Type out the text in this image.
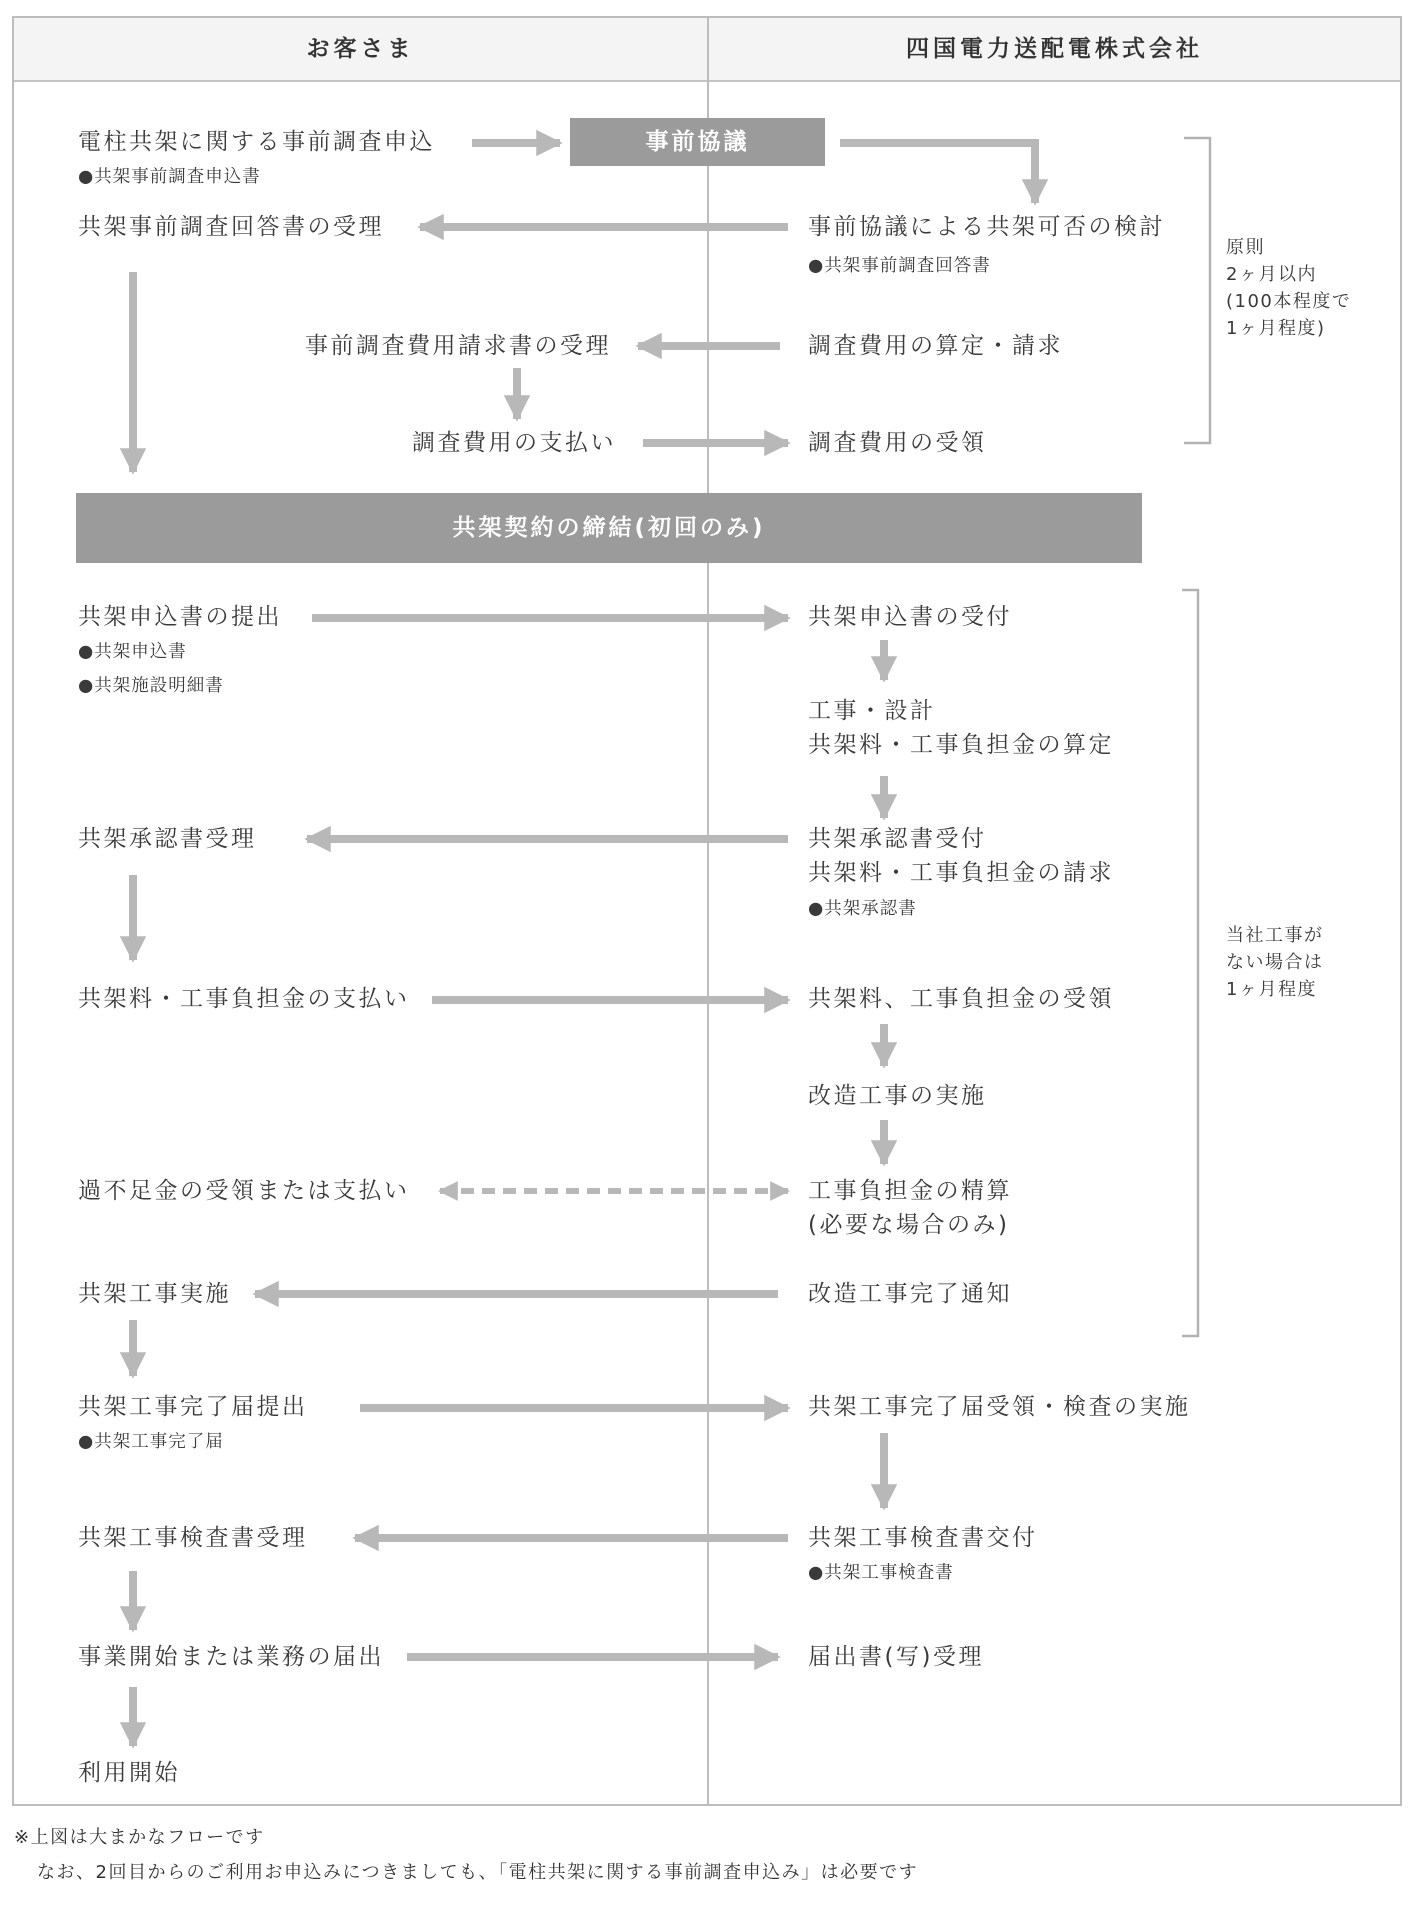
お客さま	四国電力送配電株式会社
事前協議
共架契約の締結(初回のみ)
電柱共架に関する事前調査申込
●共架事前調査申込書
共架事前調査回答書の受理
事前調査費用請求書の受理
調査費用の支払い
共架申込書の提出
●共架申込書
●共架施設明細書
共架承認書受理
共架料・工事負担金の支払い
過不足金の受領または支払い
共架工事実施
共架工事完了届提出
●共架工事完了届
共架工事検査書受理
事業開始または業務の届出
利用開始
事前協議による共架可否の検討
●共架事前調査回答書
調査費用の算定・請求
調査費用の受領
共架申込書の受付
工事・設計
共架料・工事負担金の算定
共架承認書受付
共架料・工事負担金の請求
●共架承認書
共架料、工事負担金の受領
改造工事の実施
工事負担金の精算
(必要な場合のみ)
改造工事完了通知
共架工事完了届受領・検査の実施
共架工事検査書交付
●共架工事検査書
届出書(写)受理
原則
2ヶ月以内
(100本程度で
1ヶ月程度)
当社工事が
ない場合は
1ヶ月程度
※上図は大まかなフローです
なお、2回目からのご利用お申込みにつきましても、「電柱共架に関する事前調査申込み」は必要です
